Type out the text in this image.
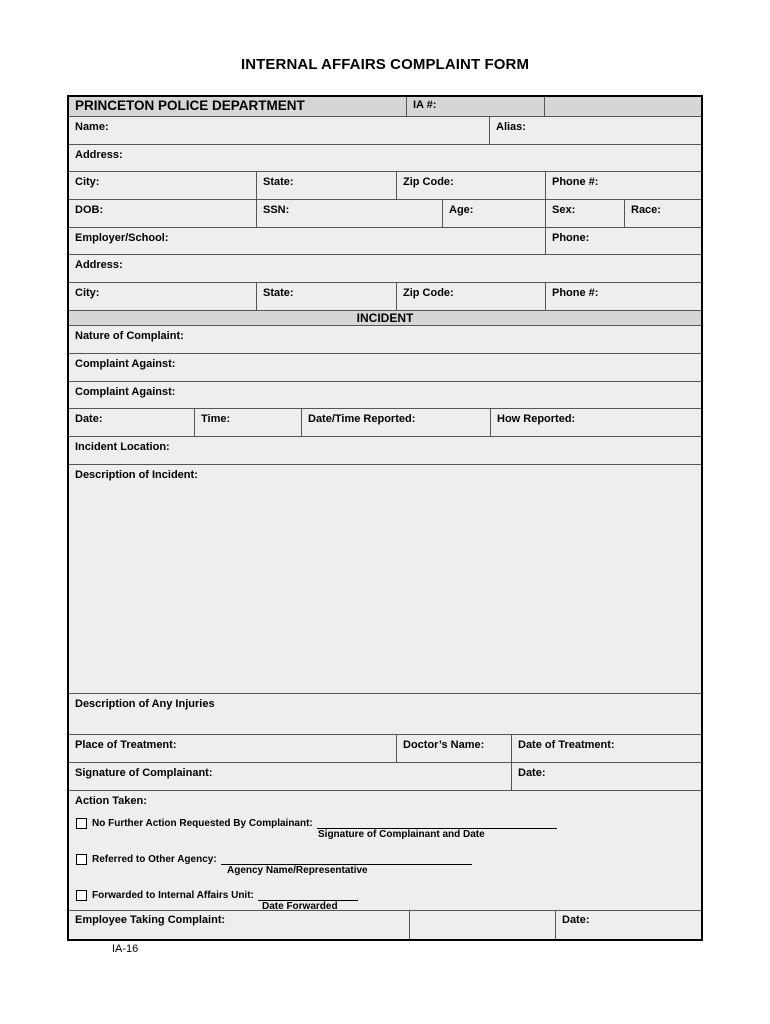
INTERNAL AFFAIRS COMPLAINT FORM
PRINCETON POLICE DEPARTMENT	IA #:
Name:	Alias:
Address:
City:	State:	Zip Code:	Phone #:
DOB:	SSN:	Age:	Sex:	Race:
Employer/School:	Phone:
Address:
City:	State:	Zip Code:	Phone #:
INCIDENT
Nature of Complaint:
Complaint Against:
Complaint Against:
Date:	Time:	Date/Time Reported:	How Reported:
Incident Location:
Description of Incident:
Description of Any Injuries
Place of Treatment:	Doctor’s Name:	Date of Treatment:
Signature of Complainant:	Date:
Action Taken:
No Further Action Requested By Complainant:
Signature of Complainant and Date
Referred to Other Agency:
Agency Name/Representative
Forwarded to Internal Affairs Unit:
Date Forwarded
Employee Taking Complaint:	Date:
IA-16
